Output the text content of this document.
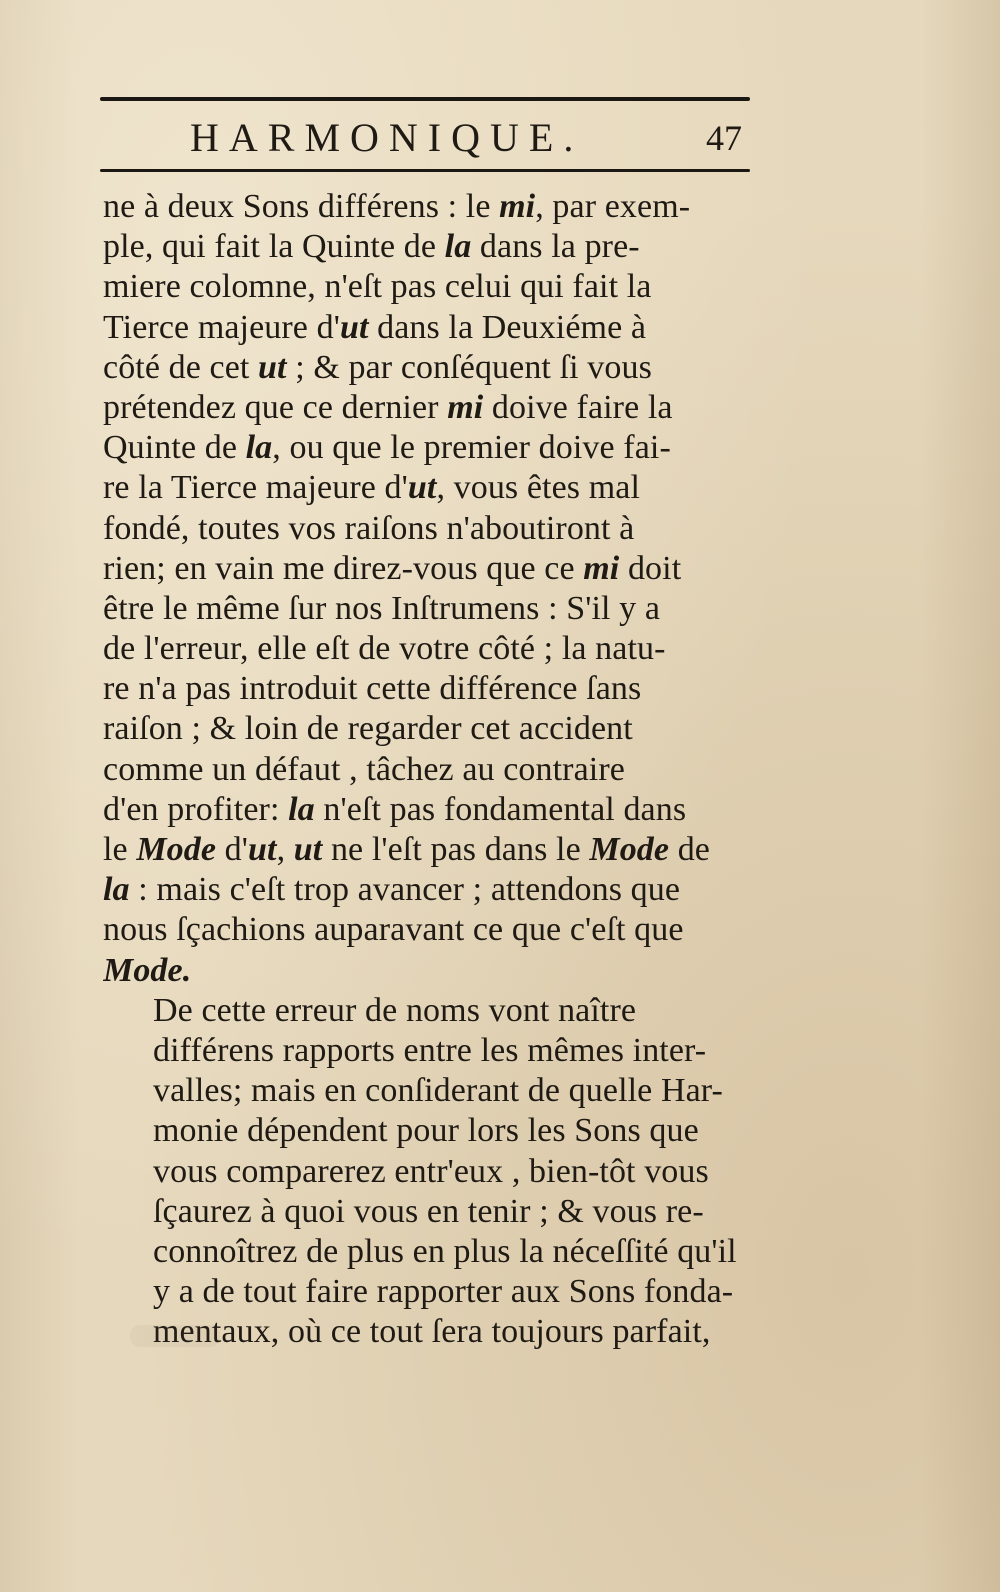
HARMONIQUE.	47
ne à deux Sons différens : le mi, par exem-
ple, qui fait la Quinte de la dans la pre-
miere colomne, n'eſt pas celui qui fait la
Tierce majeure d'ut dans la Deuxiéme à
côté de cet ut ; & par conſéquent ſi vous
prétendez que ce dernier mi doive faire la
Quinte de la, ou que le premier doive fai-
re la Tierce majeure d'ut, vous êtes mal
fondé, toutes vos raiſons n'aboutiront à
rien; en vain me direz-vous que ce mi doit
être le même ſur nos Inſtrumens : S'il y a
de l'erreur, elle eſt de votre côté ; la natu-
re n'a pas introduit cette différence ſans
raiſon ; & loin de regarder cet accident
comme un défaut , tâchez au contraire
d'en profiter: la n'eſt pas fondamental dans
le Mode d'ut, ut ne l'eſt pas dans le Mode de
la : mais c'eſt trop avancer ; attendons que
nous ſçachions auparavant ce que c'eſt que
Mode.
De cette erreur de noms vont naître
différens rapports entre les mêmes inter-
valles; mais en conſiderant de quelle Har-
monie dépendent pour lors les Sons que
vous comparerez entr'eux , bien-tôt vous
ſçaurez à quoi vous en tenir ; & vous re-
connoîtrez de plus en plus la néceſſité qu'il
y a de tout faire rapporter aux Sons fonda-
mentaux, où ce tout ſera toujours parfait,
